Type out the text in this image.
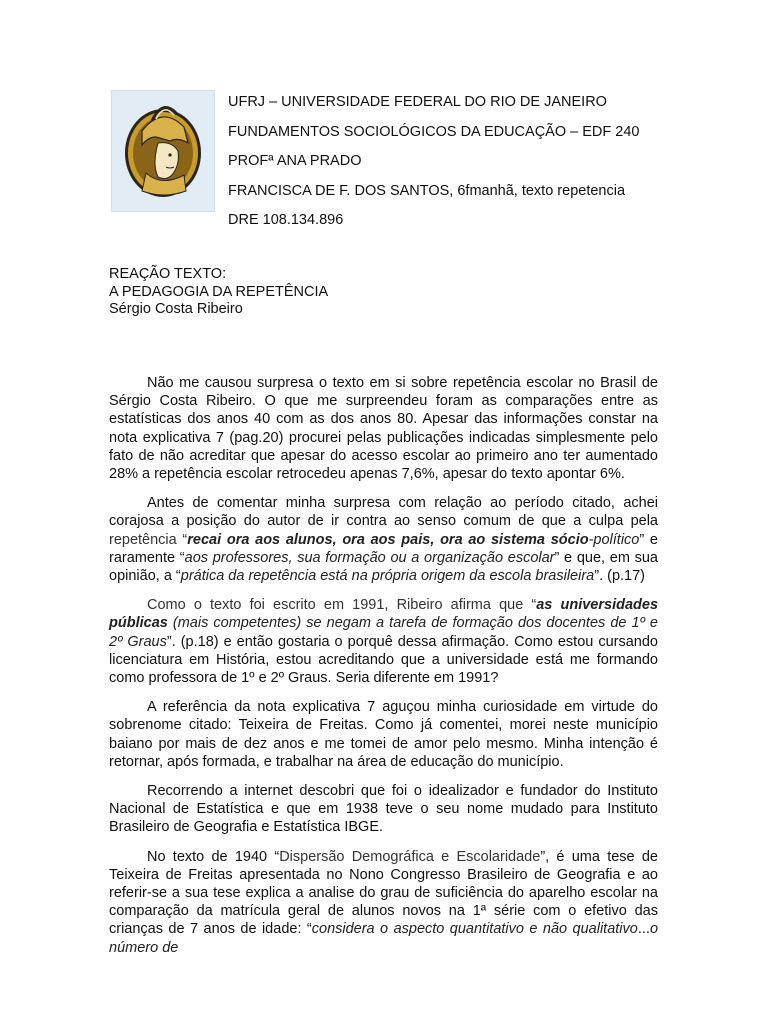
UFRJ – UNIVERSIDADE FEDERAL DO RIO DE JANEIRO
FUNDAMENTOS SOCIOLÓGICOS DA EDUCAÇÃO – EDF 240
PROFª ANA PRADO
FRANCISCA DE F. DOS SANTOS, 6fmanhã, texto repetencia
DRE 108.134.896
REAÇÃO TEXTO:
A PEDAGOGIA DA REPETÊNCIA
Sérgio Costa Ribeiro

Não me causou surpresa o texto em si sobre repetência escolar no Brasil de Sérgio Costa Ribeiro. O que me surpreendeu foram as comparações entre as estatísticas dos anos 40 com as dos anos 80. Apesar das informações constar na nota explicativa 7 (pag.20) procurei pelas publicações indicadas simplesmente pelo fato de não acreditar que apesar do acesso escolar ao primeiro ano ter aumentado 28% a repetência escolar retrocedeu apenas 7,6%, apesar do texto apontar 6%.

Antes de comentar minha surpresa com relação ao período citado, achei corajosa a posição do autor de ir contra ao senso comum de que a culpa pela repetência “recai ora aos alunos, ora aos pais, ora ao sistema sócio-político” e raramente “aos professores, sua formação ou a organização escolar” e que, em sua opinião, a “prática da repetência está na própria origem da escola brasileira”. (p.17)

Como o texto foi escrito em 1991, Ribeiro afirma que “as universidades públicas (mais competentes) se negam a tarefa de formação dos docentes de 1º e 2º Graus”. (p.18) e então gostaria o porquê dessa afirmação. Como estou cursando licenciatura em História, estou acreditando que a universidade está me formando como professora de 1º e 2º Graus. Seria diferente em 1991?

A referência da nota explicativa 7 aguçou minha curiosidade em virtude do sobrenome citado: Teixeira de Freitas. Como já comentei, morei neste município baiano por mais de dez anos e me tomei de amor pelo mesmo. Minha intenção é retornar, após formada, e trabalhar na área de educação do município.

Recorrendo a internet descobri que foi o idealizador e fundador do Instituto Nacional de Estatística e que em 1938 teve o seu nome mudado para Instituto Brasileiro de Geografia e Estatística IBGE.

No texto de 1940 “Dispersão Demográfica e Escolaridade”, é uma tese de Teixeira de Freitas apresentada no Nono Congresso Brasileiro de Geografia e ao referir-se a sua tese explica a analise do grau de suficiência do aparelho escolar na comparação da matrícula geral de alunos novos na 1ª série com o efetivo das crianças de 7 anos de idade: “considera o aspecto quantitativo e não qualitativo...o número de
